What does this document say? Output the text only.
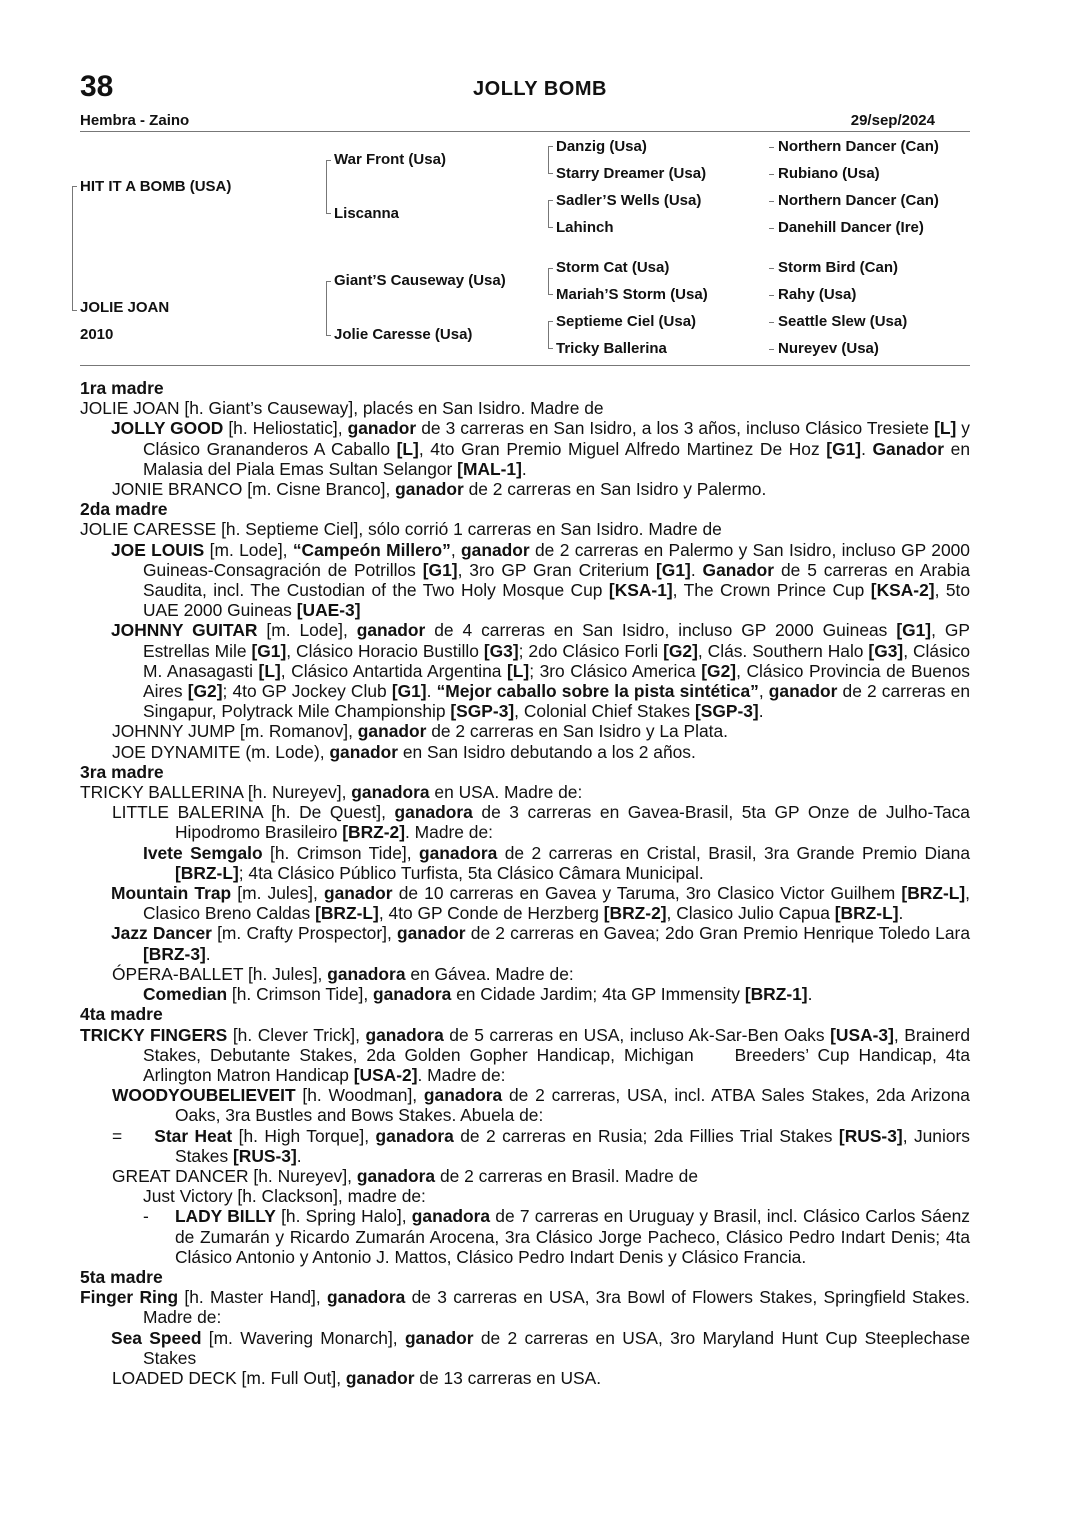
38	JOLLY BOMB
Hembra - Zaino	29/sep/2024
HIT IT A BOMB (USA)
JOLIE JOAN
2010
War Front (Usa)
Liscanna
Giant’S Causeway (Usa)
Jolie Caresse (Usa)
Danzig (Usa)
Starry Dreamer (Usa)
Sadler’S Wells (Usa)
Lahinch
Storm Cat (Usa)
Mariah’S Storm (Usa)
Septieme Ciel (Usa)
Tricky Ballerina
Northern Dancer (Can)
Rubiano (Usa)
Northern Dancer (Can)
Danehill Dancer (Ire)
Storm Bird (Can)
Rahy (Usa)
Seattle Slew (Usa)
Nureyev (Usa)
1ra madre
JOLIE JOAN [h. Giant’s Causeway], placés en San Isidro. Madre de
JOLLY GOOD [h. Heliostatic], ganador de 3 carreras en San Isidro, a los 3 años, incluso Clásico Tresiete [L] y Clásico Grananderos A Caballo [L], 4to Gran Premio Miguel Alfredo Martinez De Hoz [G1]. Ganador en Malasia del Piala Emas Sultan Selangor [MAL-1].
JONIE BRANCO [m. Cisne Branco], ganador de 2 carreras en San Isidro y Palermo.
2da madre
JOLIE CARESSE [h. Septieme Ciel], sólo corrió 1 carreras en San Isidro. Madre de
JOE LOUIS [m. Lode], “Campeón Millero”, ganador de 2 carreras en Palermo y San Isidro, incluso GP 2000 Guineas-Consagración de Potrillos [G1], 3ro GP Gran Criterium [G1]. Ganador de 5 carreras en Arabia Saudita, incl. The Custodian of the Two Holy Mosque Cup [KSA-1], The Crown Prince Cup [KSA-2], 5to UAE 2000 Guineas [UAE-3]
JOHNNY GUITAR [m. Lode], ganador de 4 carreras en San Isidro, incluso GP 2000 Guineas [G1], GP Estrellas Mile [G1], Clásico Horacio Bustillo [G3]; 2do Clásico Forli [G2], Clás. Southern Halo [G3], Clásico M. Anasagasti [L], Clásico Antartida Argentina [L]; 3ro Clásico America [G2], Clásico Provincia de Buenos Aires [G2]; 4to GP Jockey Club [G1]. “Mejor caballo sobre la pista sintética”, ganador de 2 carreras en Singapur, Polytrack Mile Championship [SGP-3], Colonial Chief Stakes [SGP-3].
JOHNNY JUMP [m. Romanov], ganador de 2 carreras en San Isidro y La Plata.
JOE DYNAMITE (m. Lode), ganador en San Isidro debutando a los 2 años.
3ra madre
TRICKY BALLERINA [h. Nureyev], ganadora en USA. Madre de:
LITTLE BALERINA [h. De Quest], ganadora de 3 carreras en Gavea-Brasil, 5ta GP Onze de Julho-Taca Hipodromo Brasileiro [BRZ-2]. Madre de:
Ivete Semgalo [h. Crimson Tide], ganadora de 2 carreras en Cristal, Brasil, 3ra Grande Premio Diana [BRZ-L]; 4ta Clásico Público Turfista, 5ta Clásico Câmara Municipal.
Mountain Trap [m. Jules], ganador de 10 carreras en Gavea y Taruma, 3ro Clasico Victor Guilhem [BRZ-L], Clasico Breno Caldas [BRZ-L], 4to GP Conde de Herzberg [BRZ-2], Clasico Julio Capua [BRZ-L].
Jazz Dancer [m. Crafty Prospector], ganador de 2 carreras en Gavea; 2do Gran Premio Henrique Toledo Lara [BRZ-3].
ÓPERA-BALLET [h. Jules], ganadora en Gávea. Madre de:
Comedian [h. Crimson Tide], ganadora en Cidade Jardim; 4ta GP Immensity [BRZ-1].
4ta madre
TRICKY FINGERS [h. Clever Trick], ganadora de 5 carreras en USA, incluso Ak-Sar-Ben Oaks [USA-3], Brainerd Stakes, Debutante Stakes, 2da Golden Gopher Handicap, Michigan Breeders’ Cup Handicap, 4ta Arlington Matron Handicap [USA-2]. Madre de:
WOODYOUBELIEVEIT [h. Woodman], ganadora de 2 carreras, USA, incl. ATBA Sales Stakes, 2da Arizona Oaks, 3ra Bustles and Bows Stakes. Abuela de:
=     Star Heat [h. High Torque], ganadora de 2 carreras en Rusia; 2da Fillies Trial Stakes [RUS-3], Juniors Stakes [RUS-3].
GREAT DANCER [h. Nureyev], ganadora de 2 carreras en Brasil. Madre de
Just Victory [h. Clackson], madre de:
-     LADY BILLY [h. Spring Halo], ganadora de 7 carreras en Uruguay y Brasil, incl. Clásico Carlos Sáenz de Zumarán y Ricardo Zumarán Arocena, 3ra Clásico Jorge Pacheco, Clásico Pedro Indart Denis; 4ta Clásico Antonio y Antonio J. Mattos, Clásico Pedro Indart Denis y Clásico Francia.
5ta madre
Finger Ring [h. Master Hand], ganadora de 3 carreras en USA, 3ra Bowl of Flowers Stakes, Springfield Stakes. Madre de:
Sea Speed [m. Wavering Monarch], ganador de 2 carreras en USA, 3ro Maryland Hunt Cup Steeplechase Stakes
LOADED DECK [m. Full Out], ganador de 13 carreras en USA.
